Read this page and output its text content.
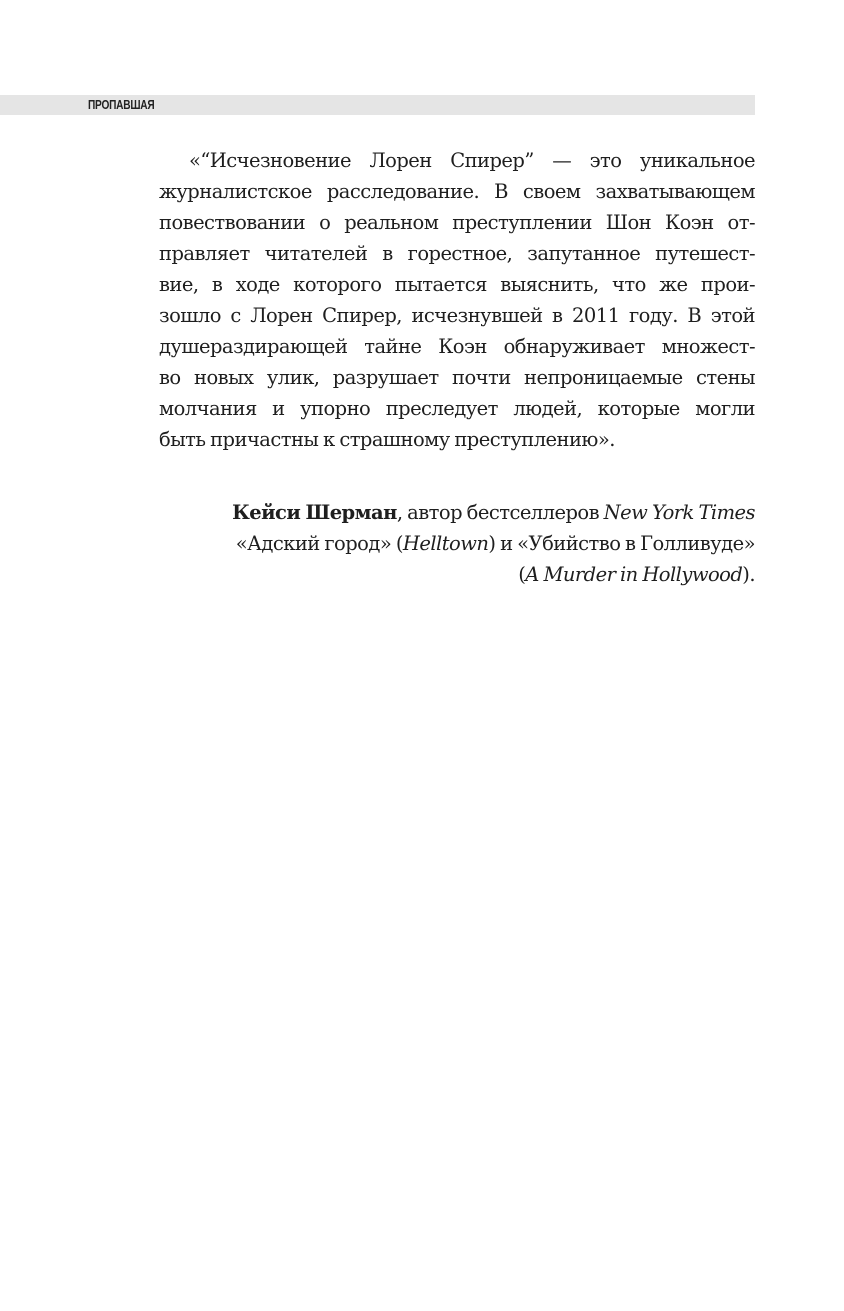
ПРОПАВШАЯ
«“Исчезновение Лорен Спирер” — это уникальное
журналистское расследование. В своем захватывающем
повествовании о реальном преступлении Шон Коэн от-
правляет читателей в горестное, запутанное путешест-
вие, в ходе которого пытается выяснить, что же прои-
зошло с Лорен Спирер, исчезнувшей в 2011 году. В этой
душераздирающей тайне Коэн обнаруживает множест-
во новых улик, разрушает почти непроницаемые стены
молчания и упорно преследует людей, которые могли
быть причастны к страшному преступлению».
Кейси Шерман, автор бестселлеров New York Times
«Адский город» (Helltown) и «Убийство в Голливуде»
(A Murder in Hollywood).
